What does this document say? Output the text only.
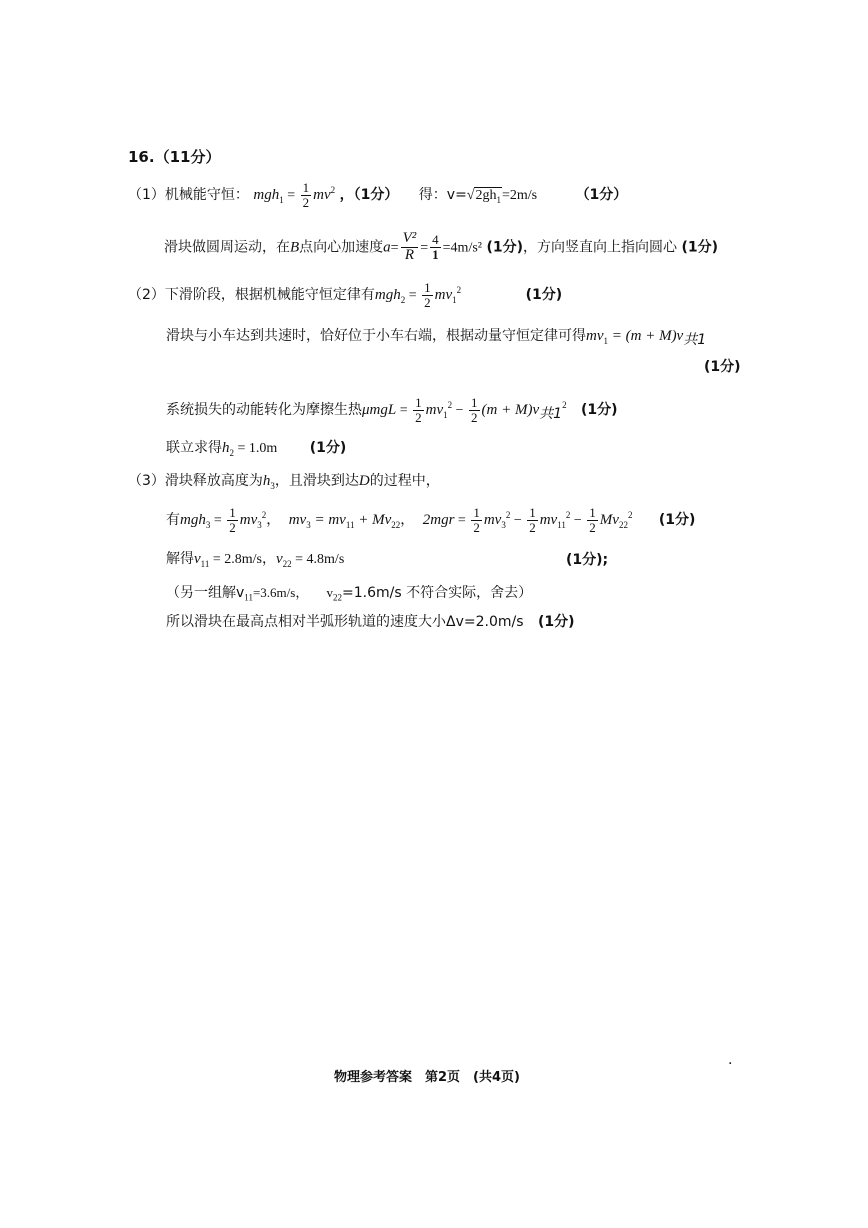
16.（11分）
（1）机械能守恒： $mgh_1 = \frac{1}{2} mv^2$ ，（1分） 得：$v=√2gh_1=2m/s$	（1分）
滑块做圆周运动，在B点向心加速度$a= \frac{\text{V²}}{R} = \frac{4}{1} =4m/s^2$ (1分)，方向竖直向上指向圆心 (1分)
（2）下滑阶段，根据机械能守恒定律有$mgh_2 = \frac{1}{2} mv_1^2$	(1分)
滑块与小车达到共速时，恰好位于小车右端，根据动量守恒定律可得$mv_1 = (m + M)v_{共1}$
(1分)
系统损失的动能转化为摩擦生热$\mu mgL = \frac{1}{2} mv_1^2 - \frac{1}{2} (m + M)v_{共1}^2$ (1分)
联立求得$h_2 = 1.0m$ (1分)
（3）滑块释放高度为$h_3$，且滑块到达D的过程中，
有$mgh_3 = \frac{1}{2} mv_3^2$， $mv_3 = mv_{11} + Mv_{22}$， $2mgr = \frac{1}{2} mv_3^2 - \frac{1}{2} mv_{11}^2 - \frac{1}{2} Mv_{22}^2$ (1分)
解得$v_{11} = 2.8m/s$，$v_{22} = 4.8m/s$	(1分);
（另一组解$v_{11}=3.6m/s$， $v_{22}=1.6m/s$ 不符合实际，舍去）
所以滑块在最高点相对半弧形轨道的速度大小Δv=2.0m/s (1分)
.
物理参考答案　第2页　(共4页)
